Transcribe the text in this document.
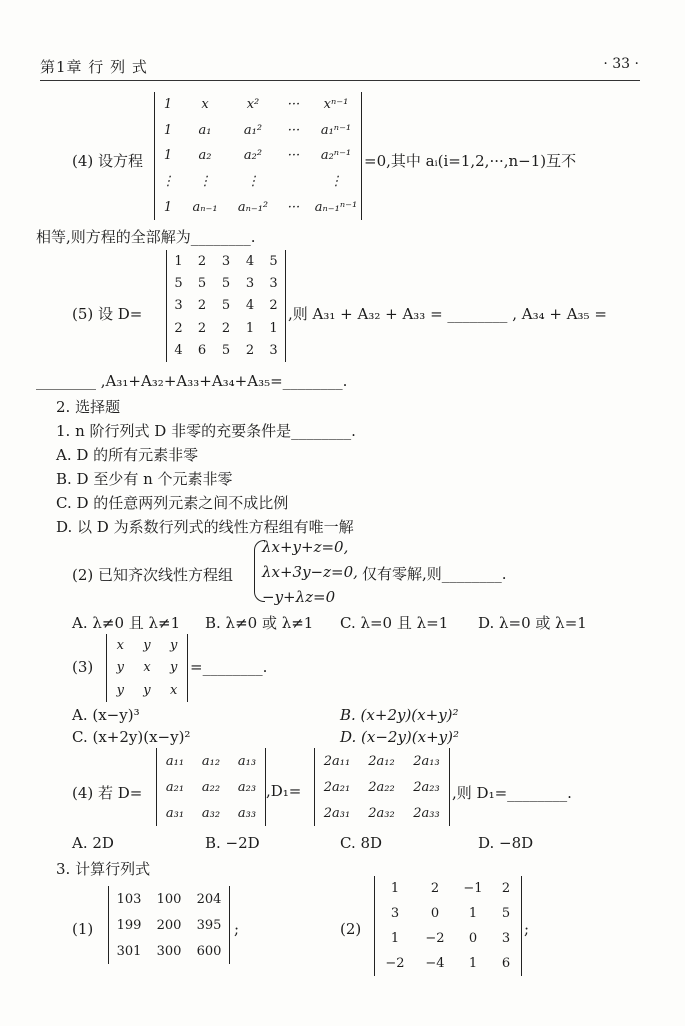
第1章 行 列 式	· 33 ·
(4) 设方程
1	x	x²	···	xⁿ⁻¹
1	a₁	a₁²	···	a₁ⁿ⁻¹
1	a₂	a₂²	···	a₂ⁿ⁻¹
⋮	⋮	⋮		⋮
1	aₙ₋₁	aₙ₋₁²	···	aₙ₋₁ⁿ⁻¹
=0,其中 aᵢ(i=1,2,···,n−1)互不
相等,则方程的全部解为________.
(5) 设 D=
1	2	3	4	5
5	5	5	3	3
3	2	5	4	2
2	2	2	1	1
4	6	5	2	3
,则 A₃₁ + A₃₂ + A₃₃ = ________ , A₃₄ + A₃₅ =
________ ,A₃₁+A₃₂+A₃₃+A₃₄+A₃₅=________.
2. 选择题
1. n 阶行列式 D 非零的充要条件是________.
A. D 的所有元素非零
B. D 至少有 n 个元素非零
C. D 的任意两列元素之间不成比例
D. 以 D 为系数行列式的线性方程组有唯一解
(2) 已知齐次线性方程组
λx+y+z=0,
λx+3y−z=0,
−y+λz=0
仅有零解,则________.
A. λ≠0 且 λ≠1 B. λ≠0 或 λ≠1 C. λ=0 且 λ=1 D. λ=0 或 λ=1
(3)
x	y	y
y	x	y
y	y	x
=________.
A. (x−y)³	B. (x+2y)(x+y)²
C. (x+2y)(x−y)²	D. (x−2y)(x+y)²
(4) 若 D=
a₁₁	a₁₂	a₁₃
a₂₁	a₂₂	a₂₃
a₃₁	a₃₂	a₃₃
,D₁=
2a₁₁	2a₁₂	2a₁₃
2a₂₁	2a₂₂	2a₂₃
2a₃₁	2a₃₂	2a₃₃
,则 D₁=________.
A. 2D	B. −2D	C. 8D	D. −8D
3. 计算行列式
(1)
103	100	204
199	200	395
301	300	600
;	(2)
1	2	−1	2
3	0	1	5
1	−2	0	3
−2	−4	1	6
;
